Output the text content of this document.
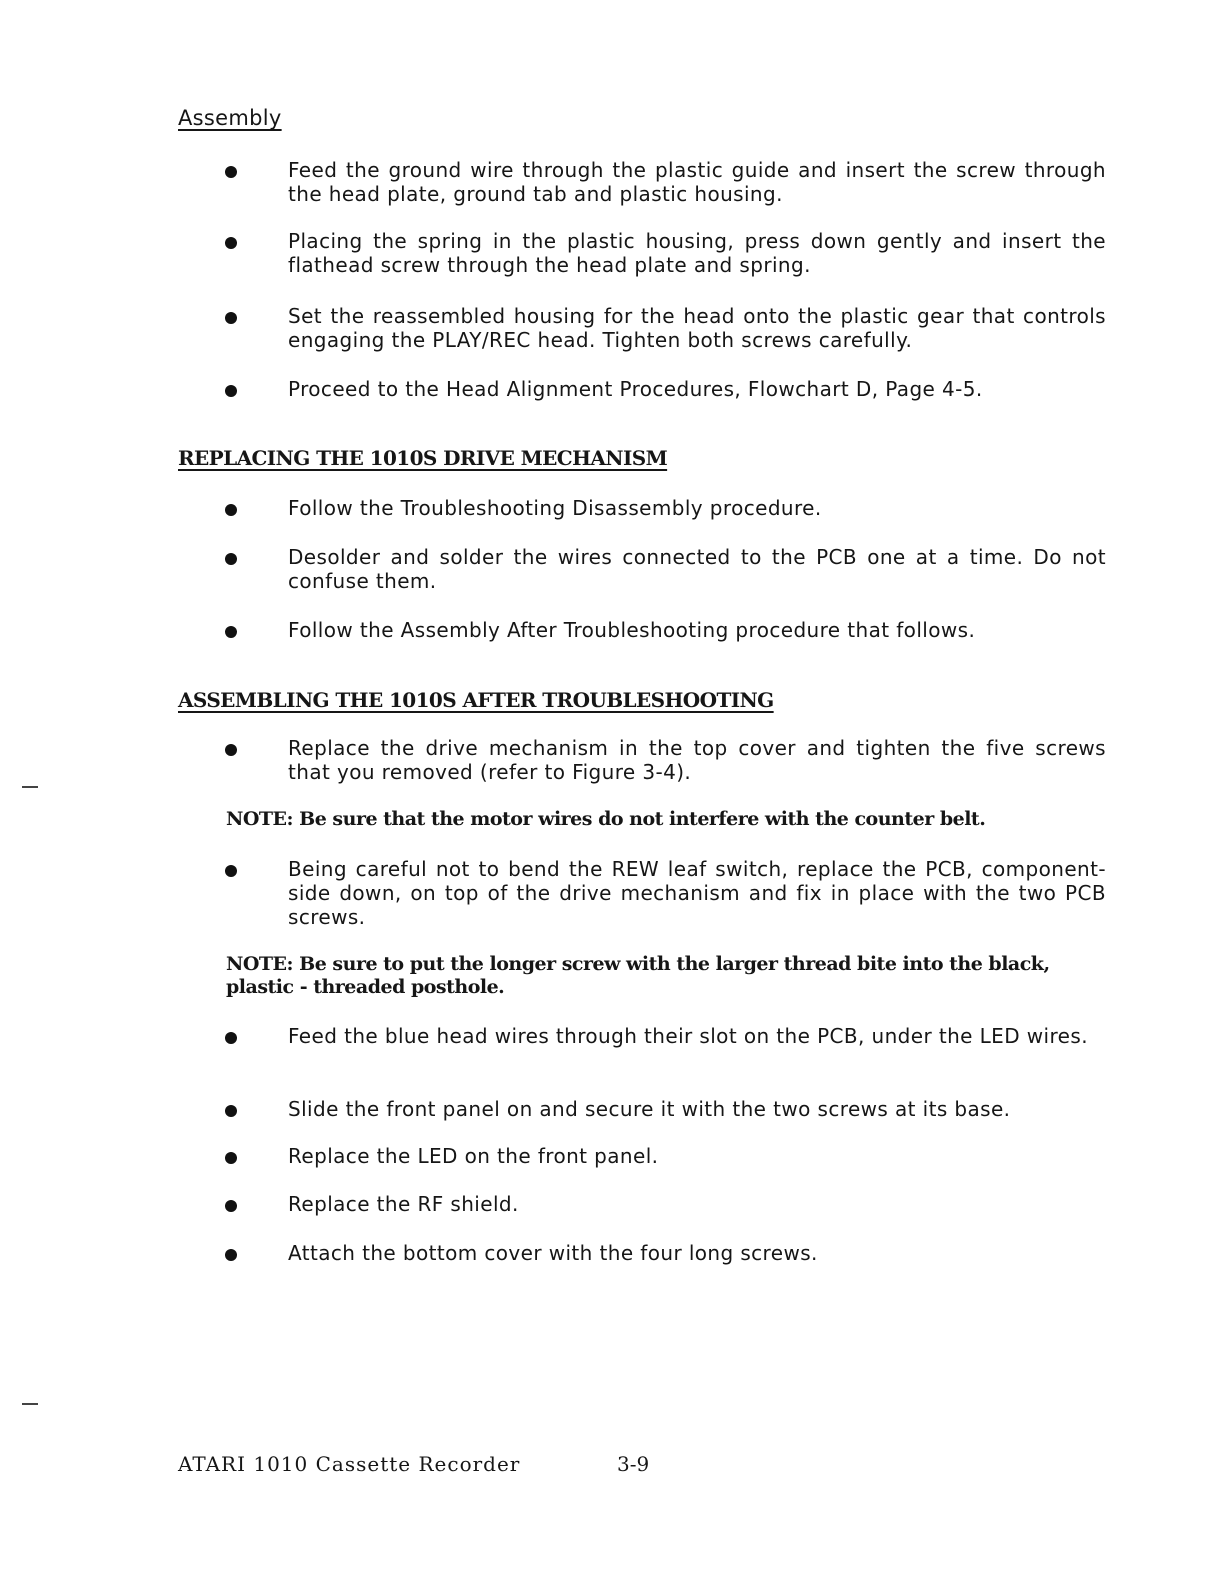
Assembly

Feed the ground wire through the plastic guide and insert the screw through the head plate, ground tab and plastic housing.

Placing the spring in the plastic housing, press down gently and insert the flathead screw through the head plate and spring.

Set the reassembled housing for the head onto the plastic gear that controls engaging the PLAY/REC head. Tighten both screws carefully.

Proceed to the Head Alignment Procedures, Flowchart D, Page 4-5.

REPLACING THE 1010S DRIVE MECHANISM

Follow the Troubleshooting Disassembly procedure.

Desolder and solder the wires connected to the PCB one at a time. Do not confuse them.

Follow the Assembly After Troubleshooting procedure that follows.

ASSEMBLING THE 1010S AFTER TROUBLESHOOTING

Replace the drive mechanism in the top cover and tighten the five screws that you removed (refer to Figure 3-4).

NOTE: Be sure that the motor wires do not interfere with the counter belt.

Being careful not to bend the REW leaf switch, replace the PCB, component- side down, on top of the drive mechanism and fix in place with the two PCB screws.

NOTE: Be sure to put the longer screw with the larger thread bite into the black, plastic - threaded posthole.

Feed the blue head wires through their slot on the PCB, under the LED wires.

Slide the front panel on and secure it with the two screws at its base.

Replace the LED on the front panel.

Replace the RF shield.

Attach the bottom cover with the four long screws.

ATARI 1010 Cassette Recorder	3-9
